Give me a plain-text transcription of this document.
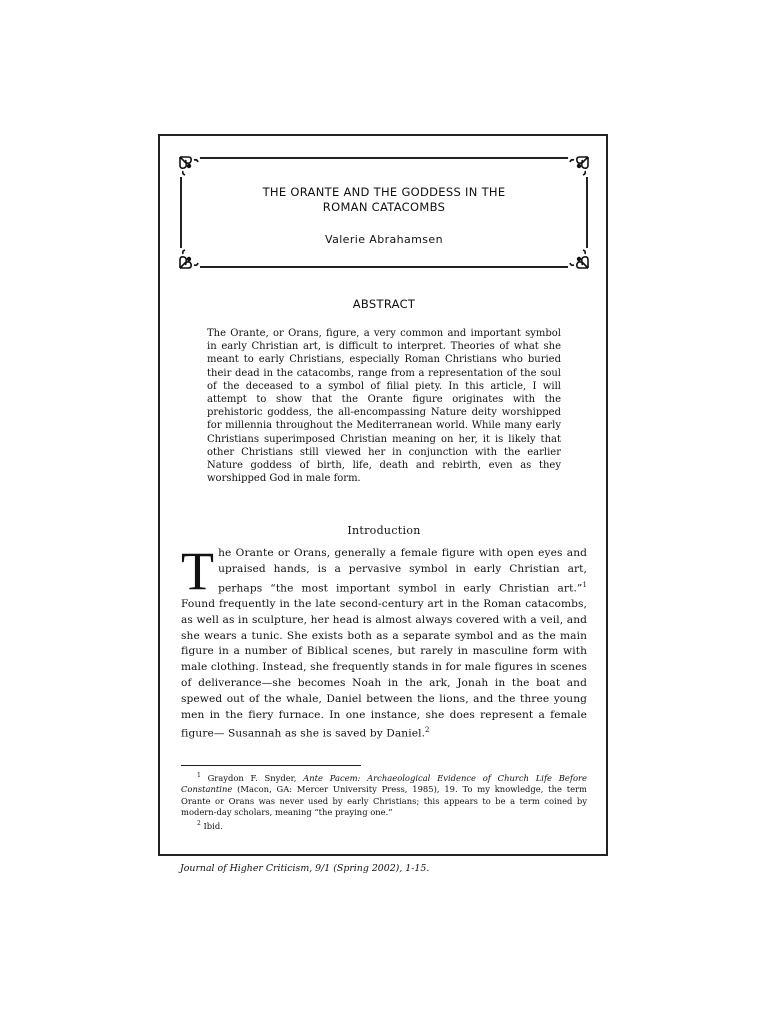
THE ORANTE AND THE GODDESS IN THE
ROMAN CATACOMBS
Valerie Abrahamsen
ABSTRACT
The Orante, or Orans, figure, a very common and important symbol in early Christian art, is difficult to interpret. Theories of what she meant to early Christians, especially Roman Christians who buried their dead in the catacombs, range from a representation of the soul of the deceased to a symbol of filial piety. In this article, I will attempt to show that the Orante figure originates with the prehistoric goddess, the all-encompassing Nature deity worshipped for millennia throughout the Mediterranean world. While many early Christians superimposed Christian meaning on her, it is likely that other Christians still viewed her in conjunction with the earlier Nature goddess of birth, life, death and rebirth, even as they worshipped God in male form.
Introduction
The Orante or Orans, generally a female figure with open eyes and upraised hands, is a pervasive symbol in early Christian art, perhaps “the most important symbol in early Christian art.”$^1$ Found frequently in the late second-century art in the Roman catacombs, as well as in sculpture, her head is almost always covered with a veil, and she wears a tunic. She exists both as a separate symbol and as the main figure in a number of Biblical scenes, but rarely in masculine form with male clothing. Instead, she frequently stands in for male figures in scenes of deliverance—she becomes Noah in the ark, Jonah in the boat and spewed out of the whale, Daniel between the lions, and the three young men in the fiery furnace. In one instance, she does represent a female figure— Susannah as she is saved by Daniel.$^2$

$^1$ Graydon F. Snyder, Ante Pacem: Archaeological Evidence of Church Life Before Constantine (Macon, GA: Mercer University Press, 1985), 19. To my knowledge, the term Orante or Orans was never used by early Christians; this appears to be a term coined by modern-day scholars, meaning “the praying one.”

$^2$ Ibid.

Journal of Higher Criticism, 9/1 (Spring 2002), 1-15.
